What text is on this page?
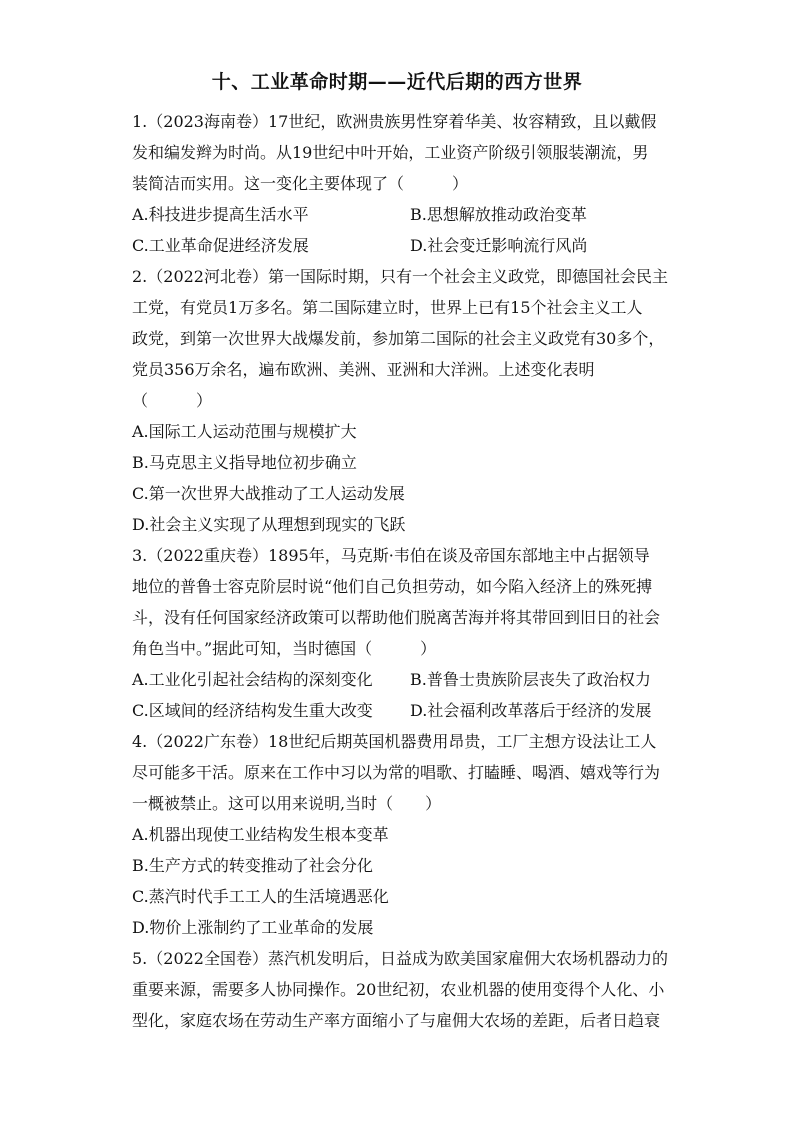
十、工业革命时期——近代后期的西方世界
1.（2023海南卷）17世纪，欧洲贵族男性穿着华美、妆容精致，且以戴假
发和编发辫为时尚。从19世纪中叶开始，工业资产阶级引领服装潮流，男
装简洁而实用。这一变化主要体现了（　　　）
A.科技进步提高生活水平	B.思想解放推动政治变革
C.工业革命促进经济发展	D.社会变迁影响流行风尚
2.（2022河北卷）第一国际时期，只有一个社会主义政党，即德国社会民主
工党，有党员1万多名。第二国际建立时，世界上已有15个社会主义工人
政党，到第一次世界大战爆发前，参加第二国际的社会主义政党有30多个，
党员356万余名，遍布欧洲、美洲、亚洲和大洋洲。上述变化表明
（　　　）
A.国际工人运动范围与规模扩大
B.马克思主义指导地位初步确立
C.第一次世界大战推动了工人运动发展
D.社会主义实现了从理想到现实的飞跃
3.（2022重庆卷）1895年，马克斯·韦伯在谈及帝国东部地主中占据领导
地位的普鲁士容克阶层时说“他们自己负担劳动，如今陷入经济上的殊死搏
斗，没有任何国家经济政策可以帮助他们脱离苦海并将其带回到旧日的社会
角色当中。”据此可知，当时德国（　　　）
A.工业化引起社会结构的深刻变化	B.普鲁士贵族阶层丧失了政治权力
C.区域间的经济结构发生重大改变	D.社会福利改革落后于经济的发展
4.（2022广东卷）18世纪后期英国机器费用昂贵，工厂主想方设法让工人
尽可能多干活。原来在工作中习以为常的唱歌、打瞌睡、喝酒、嬉戏等行为
一概被禁止。这可以用来说明,当时（　　）
A.机器出现使工业结构发生根本变革
B.生产方式的转变推动了社会分化
C.蒸汽时代手工工人的生活境遇恶化
D.物价上涨制约了工业革命的发展
5.（2022全国卷）蒸汽机发明后，日益成为欧美国家雇佣大农场机器动力的
重要来源，需要多人协同操作。20世纪初，农业机器的使用变得个人化、小
型化，家庭农场在劳动生产率方面缩小了与雇佣大农场的差距，后者日趋衰
